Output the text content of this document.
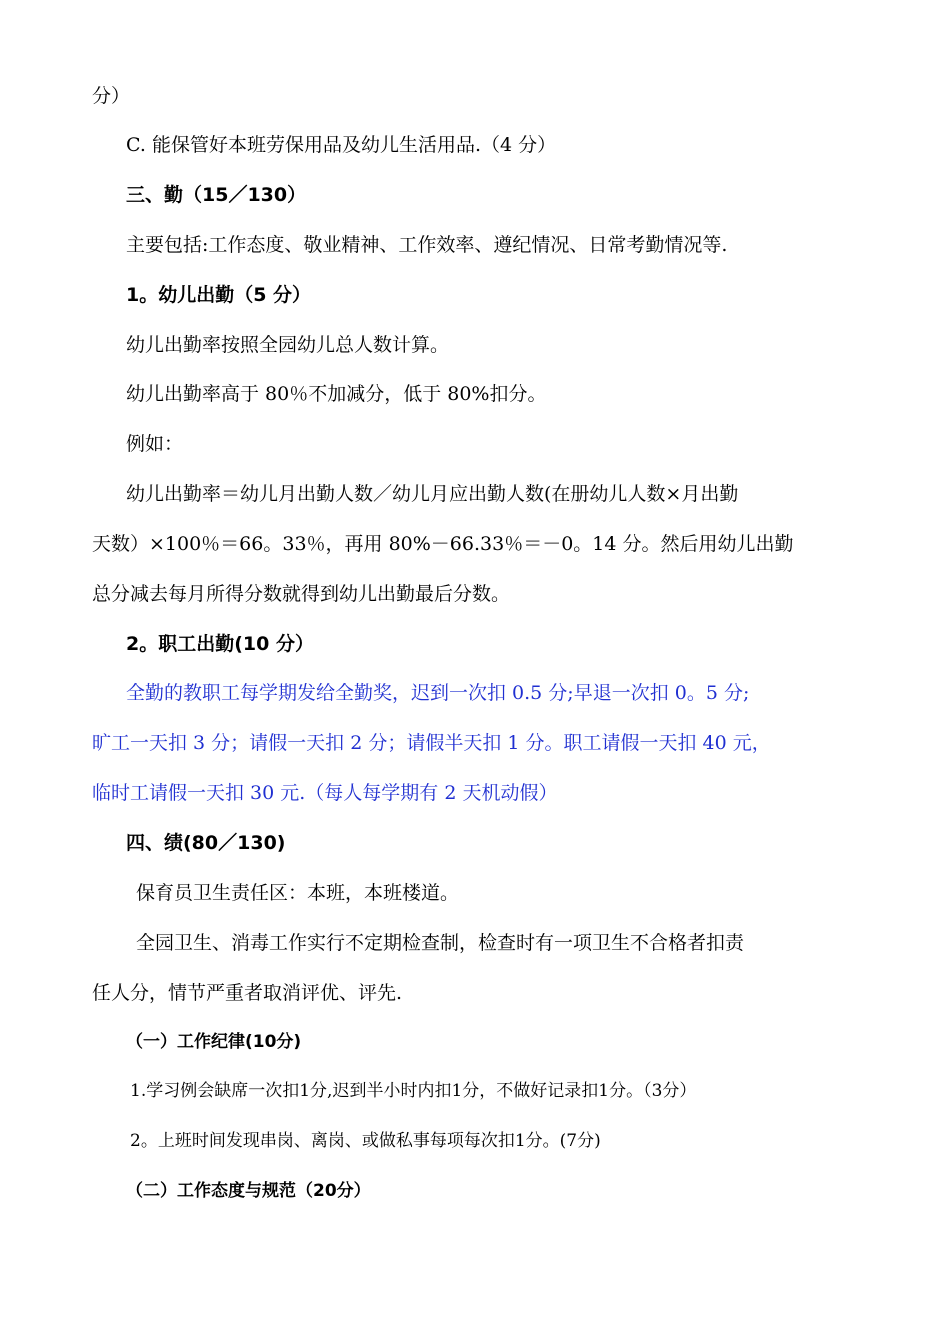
分）
C. 能保管好本班劳保用品及幼儿生活用品.（4 分）
三、勤（15／130）
主要包括:工作态度、敬业精神、工作效率、遵纪情况、日常考勤情况等.
1。幼儿出勤（5 分）
幼儿出勤率按照全园幼儿总人数计算。
幼儿出勤率高于 80％不加减分，低于 80%扣分。
例如：
幼儿出勤率＝幼儿月出勤人数／幼儿月应出勤人数(在册幼儿人数×月出勤
天数）×100％＝66。33％，再用 80%－66.33％＝－0。14 分。然后用幼儿出勤
总分减去每月所得分数就得到幼儿出勤最后分数。
2。职工出勤(10 分）
全勤的教职工每学期发给全勤奖，迟到一次扣 0.5 分;早退一次扣 0。5 分;
旷工一天扣 3 分；请假一天扣 2 分；请假半天扣 1 分。职工请假一天扣 40 元，
临时工请假一天扣 30 元.（每人每学期有 2 天机动假）
四、绩(80／130)
保育员卫生责任区：本班，本班楼道。
全园卫生、消毒工作实行不定期检查制，检查时有一项卫生不合格者扣责
任人分，情节严重者取消评优、评先.
（一）工作纪律(10分)
1.学习例会缺席一次扣1分,迟到半小时内扣1分，不做好记录扣1分。（3分）
2。上班时间发现串岗、离岗、或做私事每项每次扣1分。(7分)
（二）工作态度与规范（20分）
